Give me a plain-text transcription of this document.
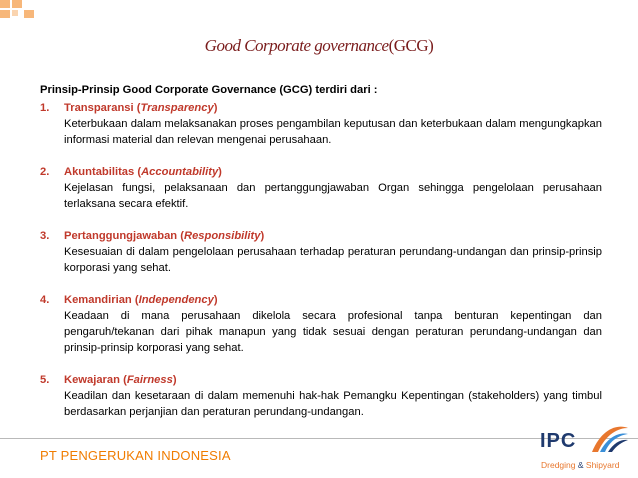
Good Corporate governance(GCG)
Prinsip-Prinsip Good Corporate Governance (GCG) terdiri dari :
1. Transparansi (Transparency)
Keterbukaan dalam melaksanakan proses pengambilan keputusan dan keterbukaan dalam mengungkapkan informasi material dan relevan mengenai perusahaan.
2. Akuntabilitas (Accountability)
Kejelasan fungsi, pelaksanaan dan pertanggungjawaban Organ sehingga pengelolaan perusahaan terlaksana secara efektif.
3. Pertanggungjawaban (Responsibility)
Kesesuaian di dalam pengelolaan perusahaan terhadap peraturan perundang-undangan dan prinsip-prinsip korporasi yang sehat.
4. Kemandirian (Independency)
Keadaan di mana perusahaan dikelola secara profesional tanpa benturan kepentingan dan pengaruh/tekanan dari pihak manapun yang tidak sesuai dengan peraturan perundang-undangan dan prinsip-prinsip korporasi yang sehat.
5. Kewajaran (Fairness)
Keadilan dan kesetaraan di dalam memenuhi hak-hak Pemangku Kepentingan (stakeholders) yang timbul berdasarkan perjanjian dan peraturan perundang-undangan.
PT PENGERUKAN INDONESIA
IPC
Dredging & Shipyard
